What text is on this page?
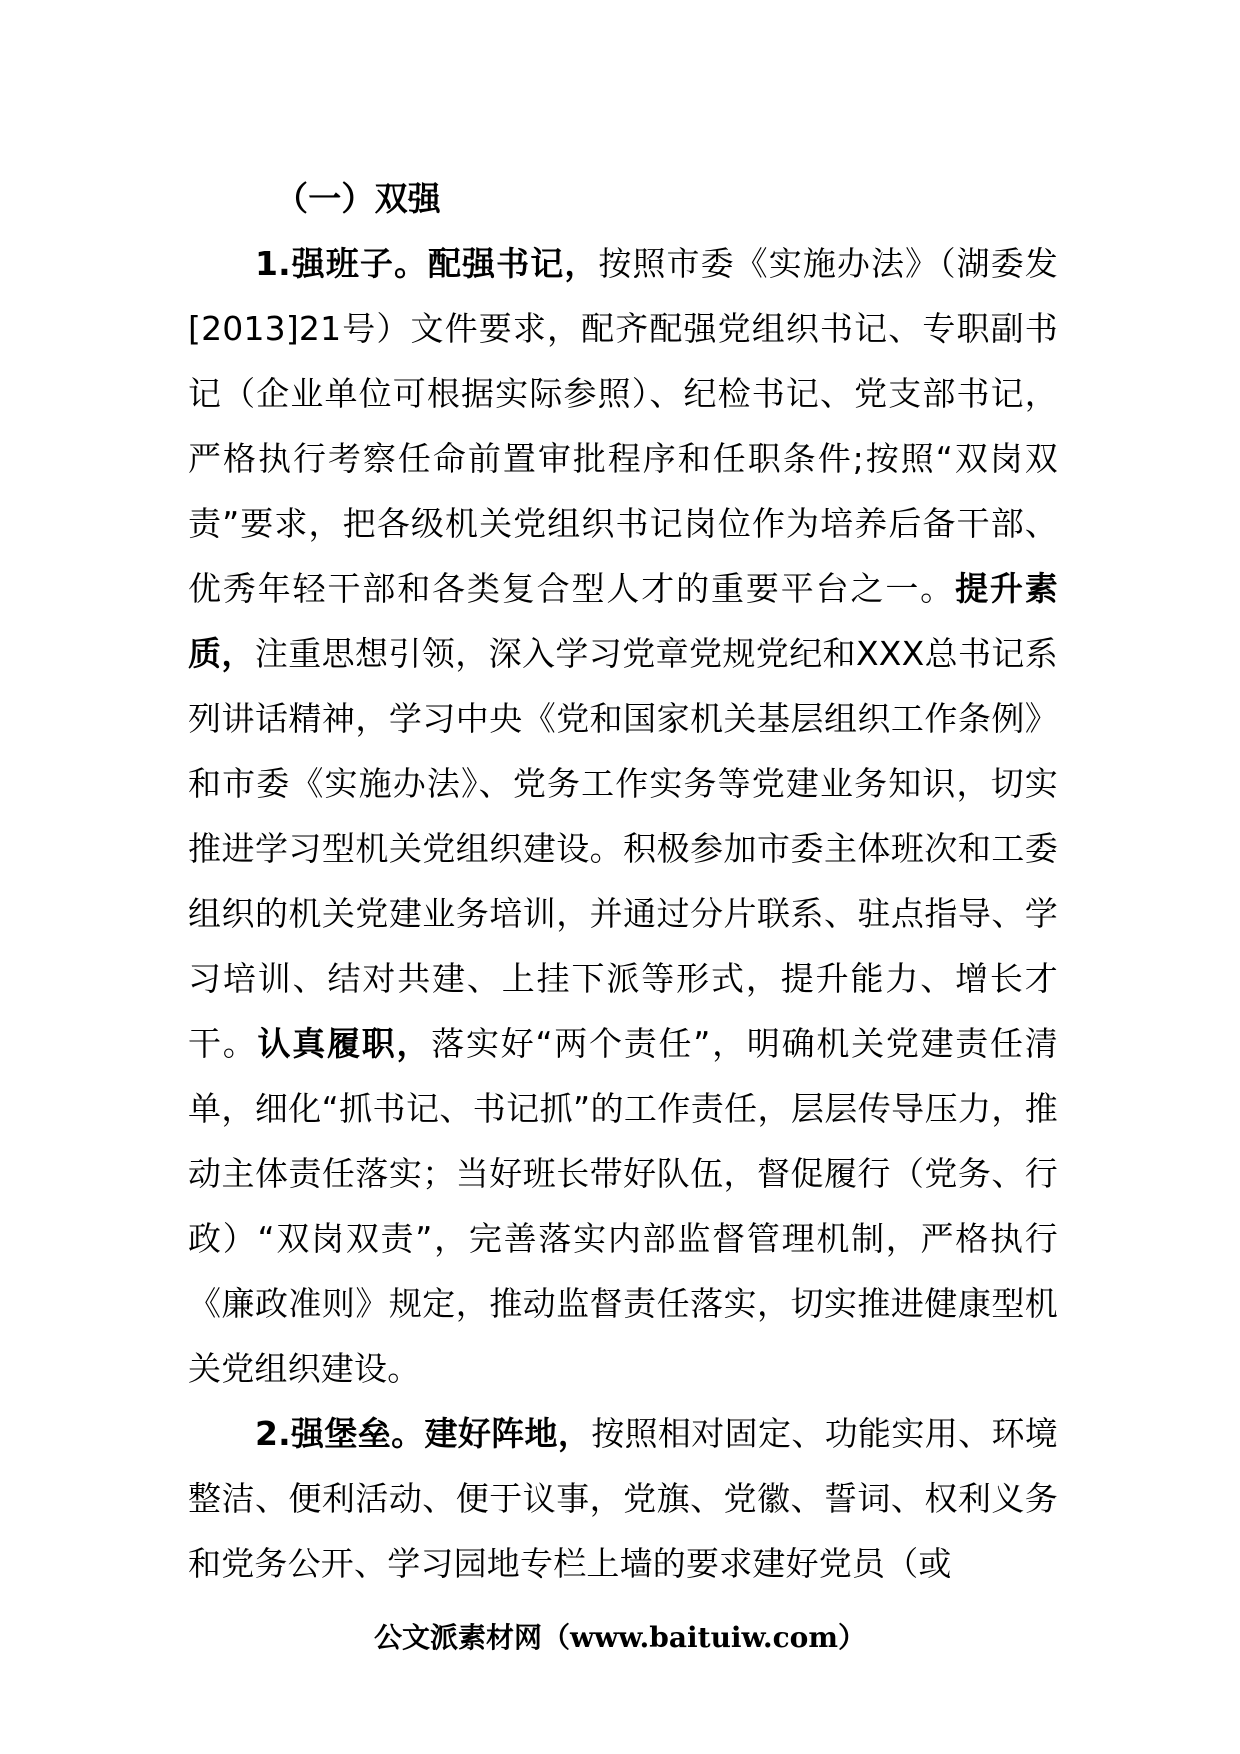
（一）双强

1.强班子。配强书记，按照市委《实施办法》（湖委发[2013]21号）文件要求，配齐配强党组织书记、专职副书记（企业单位可根据实际参照）、纪检书记、党支部书记，严格执行考察任命前置审批程序和任职条件;按照“双岗双责”要求，把各级机关党组织书记岗位作为培养后备干部、优秀年轻干部和各类复合型人才的重要平台之一。提升素质，注重思想引领，深入学习党章党规党纪和XXX总书记系列讲话精神，学习中央《党和国家机关基层组织工作条例》和市委《实施办法》、党务工作实务等党建业务知识，切实推进学习型机关党组织建设。积极参加市委主体班次和工委组织的机关党建业务培训，并通过分片联系、驻点指导、学习培训、结对共建、上挂下派等形式，提升能力、增长才干。认真履职，落实好“两个责任”，明确机关党建责任清单，细化“抓书记、书记抓”的工作责任，层层传导压力，推动主体责任落实；当好班长带好队伍，督促履行（党务、行政）“双岗双责”，完善落实内部监督管理机制，严格执行《廉政准则》规定，推动监督责任落实，切实推进健康型机关党组织建设。

2.强堡垒。建好阵地，按照相对固定、功能实用、环境整洁、便利活动、便于议事，党旗、党徽、誓词、权利义务和党务公开、学习园地专栏上墙的要求建好党员（或

公文派素材网（www.baituiw.com）
